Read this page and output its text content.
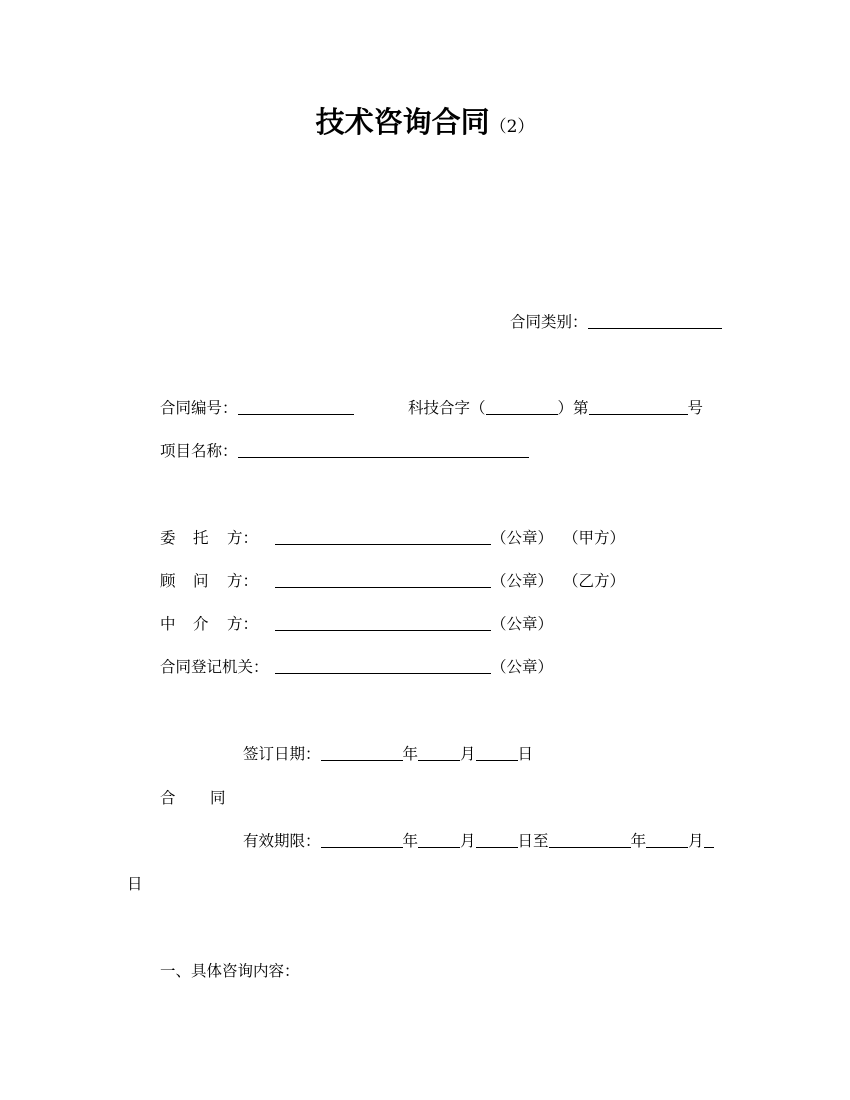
技术咨询合同（2）
合同类别：
合同编号：	科技合字（	）第	号
项目名称：
委 托 方：	（公章） （甲方）
顾 问 方：	（公章） （乙方）
中 介 方：	（公章）
合同登记机关：	（公章）
签订日期：	年	月	日
合 同
有效期限：	年	月	日至	年	月
日
一、具体咨询内容：
